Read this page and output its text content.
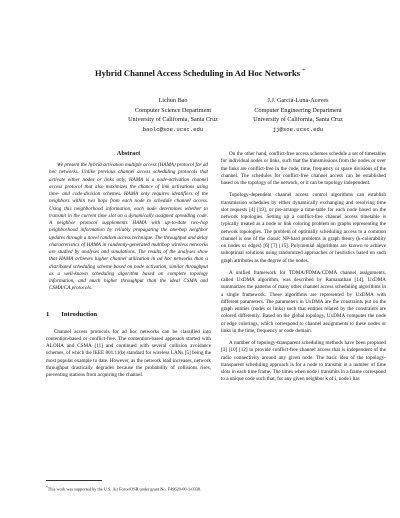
Hybrid Channel Access Scheduling in Ad Hoc Networks *
Lichun Bao
Computer Science Department
University of California, Santa Cruz
baolc@soe.ucsc.edu
J.J. Garcia-Luna-Aceves
Computer Engineering Department
University of California, Santa Cruz
jj@soe.ucsc.edu
Abstract

We present the hybrid activation multiple access (HAMA) protocol for ad hoc networks. Unlike previous channel access scheduling protocols that activate either nodes or links only, HAMA is a node-activation channel access protocol that also maximizes the chance of link activations using time- and code-division schemes. HAMA only requires identifiers of the neighbors within two hops from each node to schedule channel access. Using this neighborhood information, each node determines whether to transmit in the current time slot on a dynamically assigned spreading code. A neighbor protocol supplements HAMA with up-to-date two-hop neighborhood information by reliably propagating the one-hop neighbor updates through a novel random access technique. The throughput and delay characteristics of HAMA in randomly-generated multihop wireless networks are studied by analyses and simulations. The results of the analyses show that HAMA achieves higher channel utilization in ad hoc networks than a distributed scheduling scheme based on node activation, similar throughput as a well-known scheduling algorithm based on complete topology information, and much higher throughput than the ideal CSMA and CSMA/CA protocols.

1 Introduction

Channel access protocols for ad hoc networks can be classified into contention-based or conflict-free. The contention-based approach started with ALOHA and CSMA [11] and continued with several collision avoidance schemes, of which the IEEE 801.11(b) standard for wireless LANs [5] being the most popular example to date. However, as the network load increases, network throughput drastically degrades because the probability of collisions rises, preventing stations from acquiring the channel.

*This work was supported by the U.S. Air Force/OSR under grant No. F49620-00-1-0330.

On the other hand, conflict-free access schemes schedule a set of timetables for individual nodes or links, such that the transmissions from the nodes or over the links are conflict-free in the code, time, frequency or space divisions of the channel. The schedules for conflict-free channel access can be established based on the topology of the network, or it can be topology independent.

Topology-dependent channel access control algorithms can establish transmission schedules by either dynamically exchanging and resolving time slot requests [4] [19], or pre-arrange a time-table for each node based on the network topologies. Setting up a conflict-free channel access timetable is typically treated as a node or link coloring problem on graphs representing the network topologies. The problem of optimally scheduling access to a common channel is one of the classic NP-hard problems in graph theory (k-colorability on nodes or edges) [6] [7] [15]. Polynomial algorithms are known to achieve suboptimal solutions using randomized approaches or heuristics based on such graph attributes as the degree of the nodes.

A unified framework for TDMA/FDMA/CDMA channel assignments, called UxDMA algorithm, was described by Ramanathan [14]. UxDMA summarizes the patterns of many other channel access scheduling algorithms in a single framework. These algorithms are represented by UxDMA with different parameters. The parameters in UxDMA are the constraints put on the graph entities (nodes or links) such that entities related by the constraints are colored differently. Based on the global topology, UxDMA computes the node or edge colorings, which correspond to channel assignments to these nodes or links in the time, frequency or code domain.

A number of topology-transparent scheduling methods have been proposed [3] [10] [12] to provide conflict-free channel access that is independent of the radio connectivity around any given node. The basic idea of the topology-transparent scheduling approach is for a node to transmit in a number of time slots in each time frame. The times when node i transmits in a frame correspond to a unique code such that, for any given neighbor k of i, node i has
